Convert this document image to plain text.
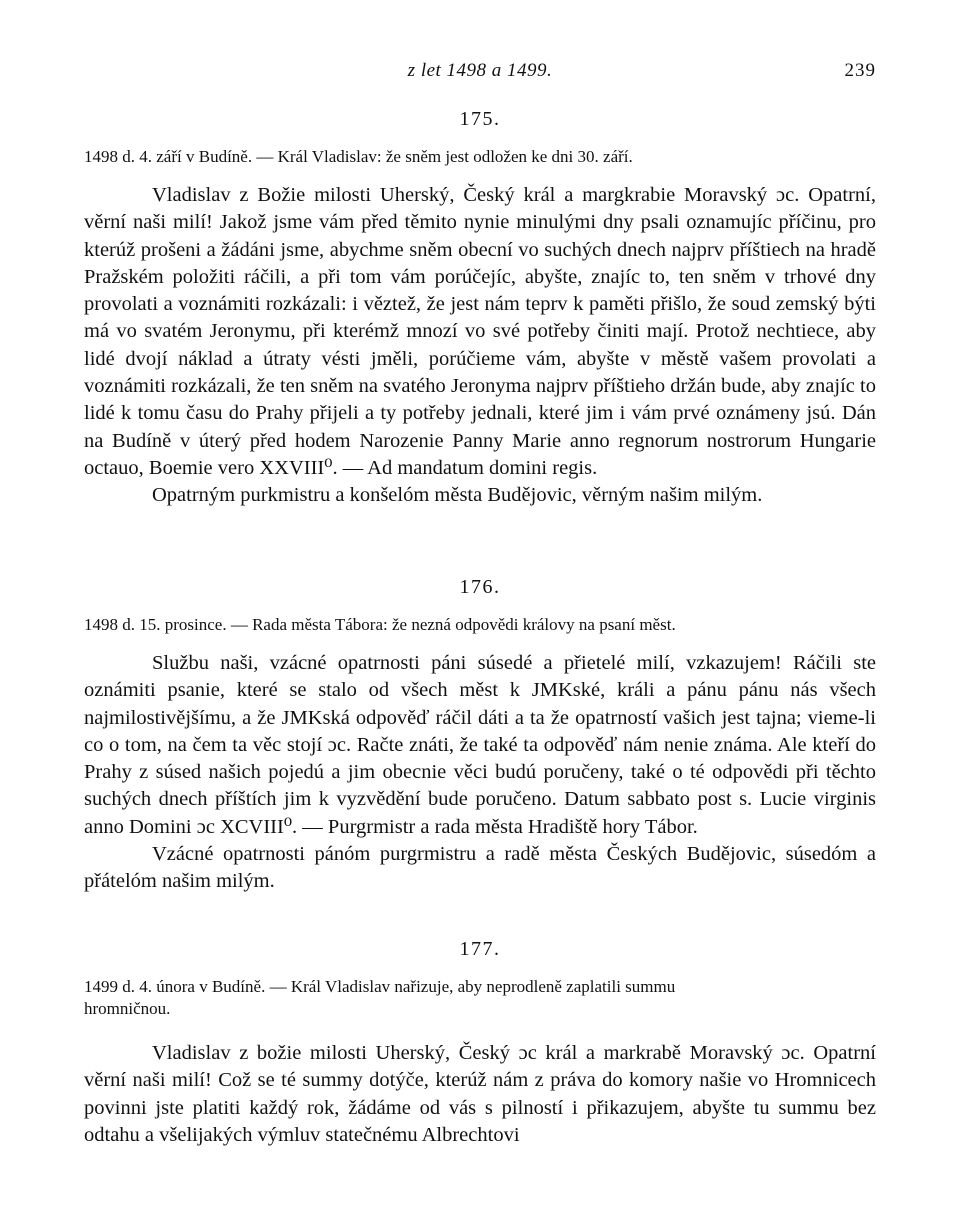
z let 1498 a 1499.	239
175.
1498 d. 4. září v Budíně. — Král Vladislav: že sněm jest odložen ke dni 30. září.

Vladislav z Božie milosti Uherský, Český král a margkrabie Moravský ɔc. Opatrní, věrní naši milí! Jakož jsme vám před těmito nynie minulými dny psali oznamujíc příčinu, pro kterúž prošeni a žádáni jsme, abychme sněm obecní vo suchých dnech najprv příštiech na hradě Pražském položiti ráčili, a při tom vám porúčejíc, abyšte, znajíc to, ten sněm v trhové dny provolati a voznámiti rozkázali: i věztež, že jest nám teprv k paměti přišlo, že soud zemský býti má vo svatém Jeronymu, při kterémž mnozí vo své potřeby činiti mají. Protož nechtiece, aby lidé dvojí náklad a útraty vésti jměli, porúčieme vám, abyšte v městě vašem provolati a voznámiti rozkázali, že ten sněm na svatého Jeronyma najprv příštieho držán bude, aby znajíc to lidé k tomu času do Prahy přijeli a ty potřeby jednali, které jim i vám prvé oznámeny jsú. Dán na Budíně v úterý před hodem Narozenie Panny Marie anno regnorum nostrorum Hungarie octauo, Boemie vero XXVIII⁰. — Ad mandatum domini regis.

Opatrným purkmistru a konšelóm města Budějovic, věrným našim milým.

176.
1498 d. 15. prosince. — Rada města Tábora: že nezná odpovědi královy na psaní měst.

Službu naši, vzácné opatrnosti páni súsedé a přietelé milí, vzkazujem! Ráčili ste oznámiti psanie, které se stalo od všech měst k JMKské, králi a pánu pánu nás všech najmilostivějšímu, a že JMKská odpověď ráčil dáti a ta že opatrností vašich jest tajna; vieme-li co o tom, na čem ta věc stojí ɔc. Račte znáti, že také ta odpověď nám nenie známa. Ale kteří do Prahy z súsed našich pojedú a jim obecnie věci budú poručeny, také o té odpovědi při těchto suchých dnech příštích jim k vyzvědění bude poručeno. Datum sabbato post s. Lucie virginis anno Domini ɔc XCVIII⁰. — Purgrmistr a rada města Hradiště hory Tábor.

Vzácné opatrnosti pánóm purgrmistru a radě města Českých Budějovic, súsedóm a přátelóm našim milým.

177.
1499 d. 4. února v Budíně. — Král Vladislav nařizuje, aby neprodleně zaplatili summu
hromničnou.

Vladislav z božie milosti Uherský, Český ɔc král a markrabě Moravský ɔc. Opatrní věrní naši milí! Což se té summy dotýče, kterúž nám z práva do komory našie vo Hromnicech povinni jste platiti každý rok, žádáme od vás s pilností i přikazujem, abyšte tu summu bez odtahu a všelijakých výmluv statečnému Albrechtovi
